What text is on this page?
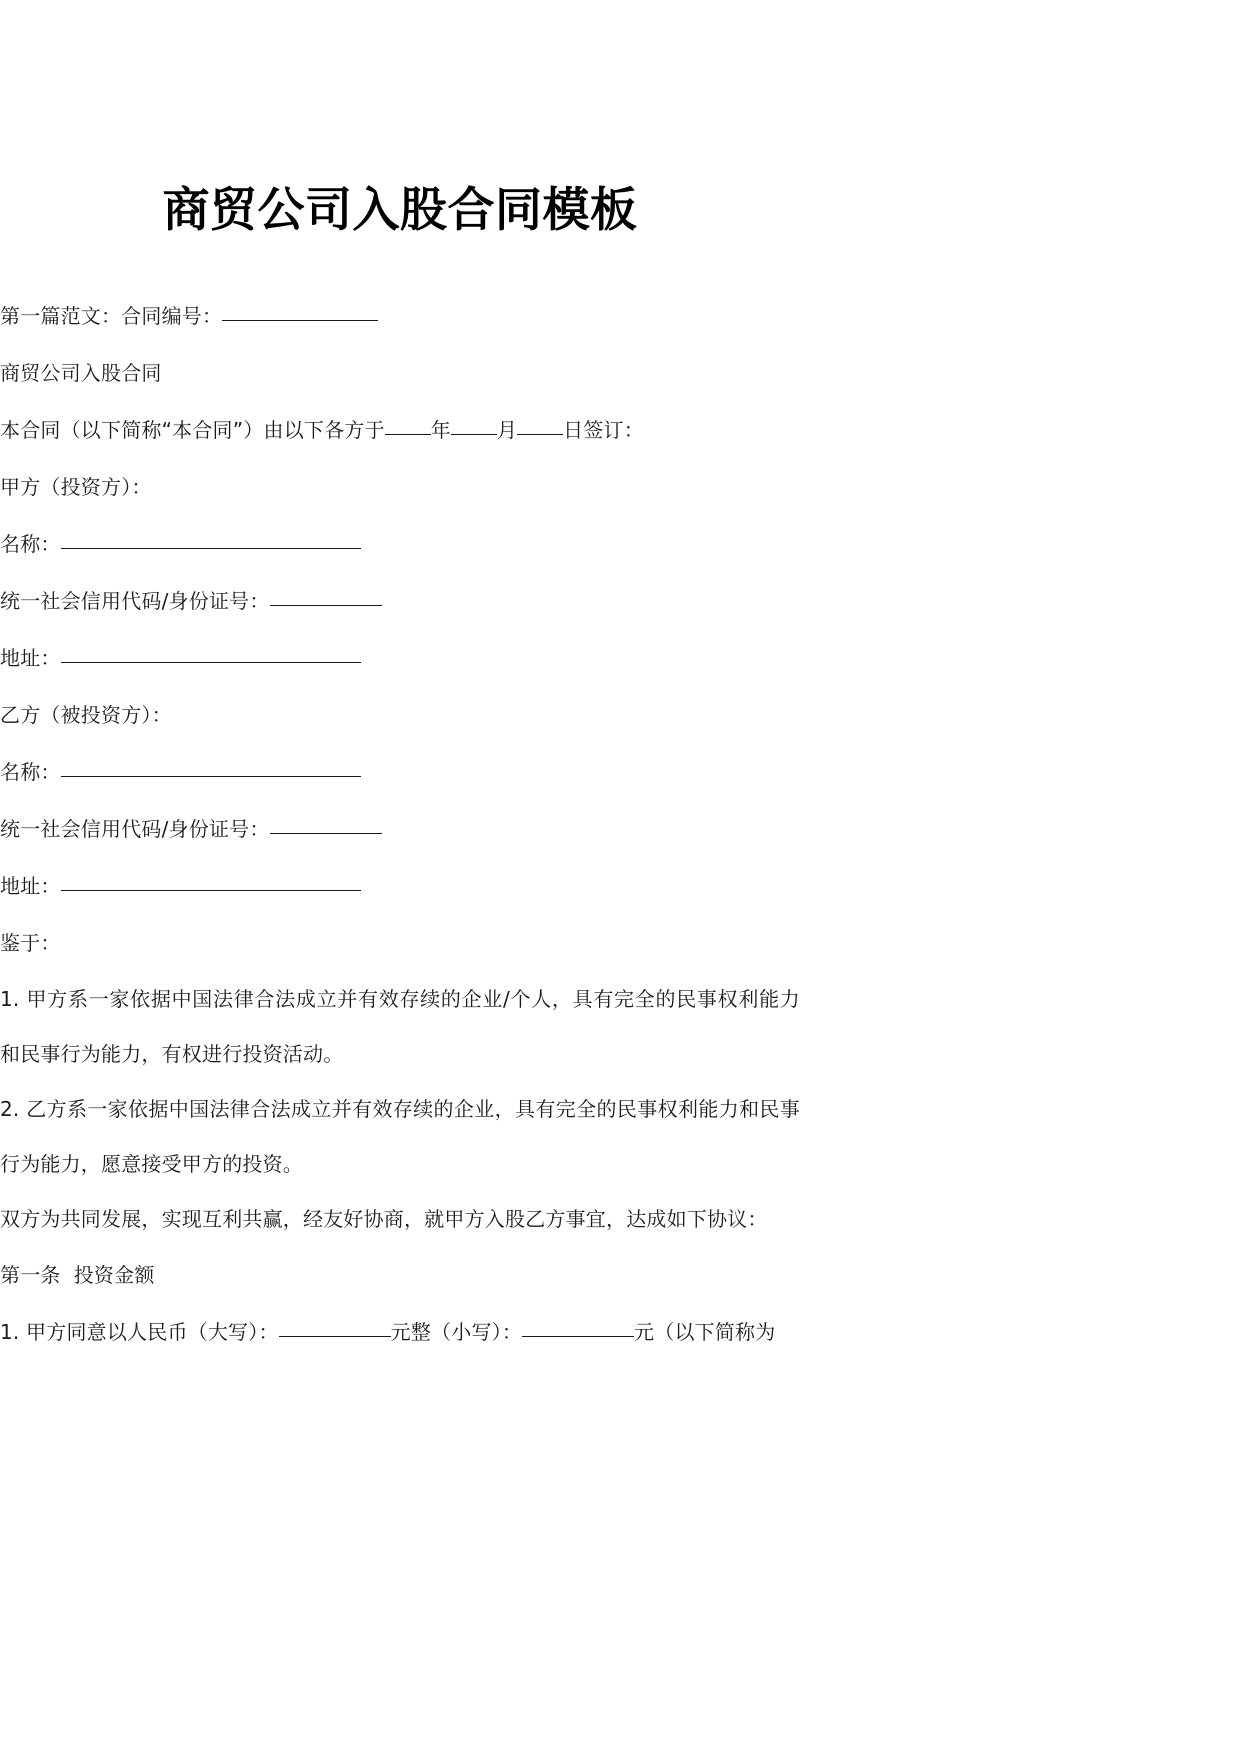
商贸公司入股合同模板

第一篇范文：合同编号：

商贸公司入股合同

本合同（以下简称“本合同”）由以下各方于 年 月 日签订：

甲方（投资方）：

名称：

统一社会信用代码/身份证号：

地址：

乙方（被投资方）：

名称：

统一社会信用代码/身份证号：

地址：

鉴于：

1. 甲方系一家依据中国法律合法成立并有效存续的企业/个人，具有完全的民事权利能力和民事行为能力，有权进行投资活动。

2. 乙方系一家依据中国法律合法成立并有效存续的企业，具有完全的民事权利能力和民事行为能力，愿意接受甲方的投资。

双方为共同发展，实现互利共赢，经友好协商，就甲方入股乙方事宜，达成如下协议：

第一条  投资金额

1. 甲方同意以人民币（大写）：	元整（小写）：	元（以下简称为
